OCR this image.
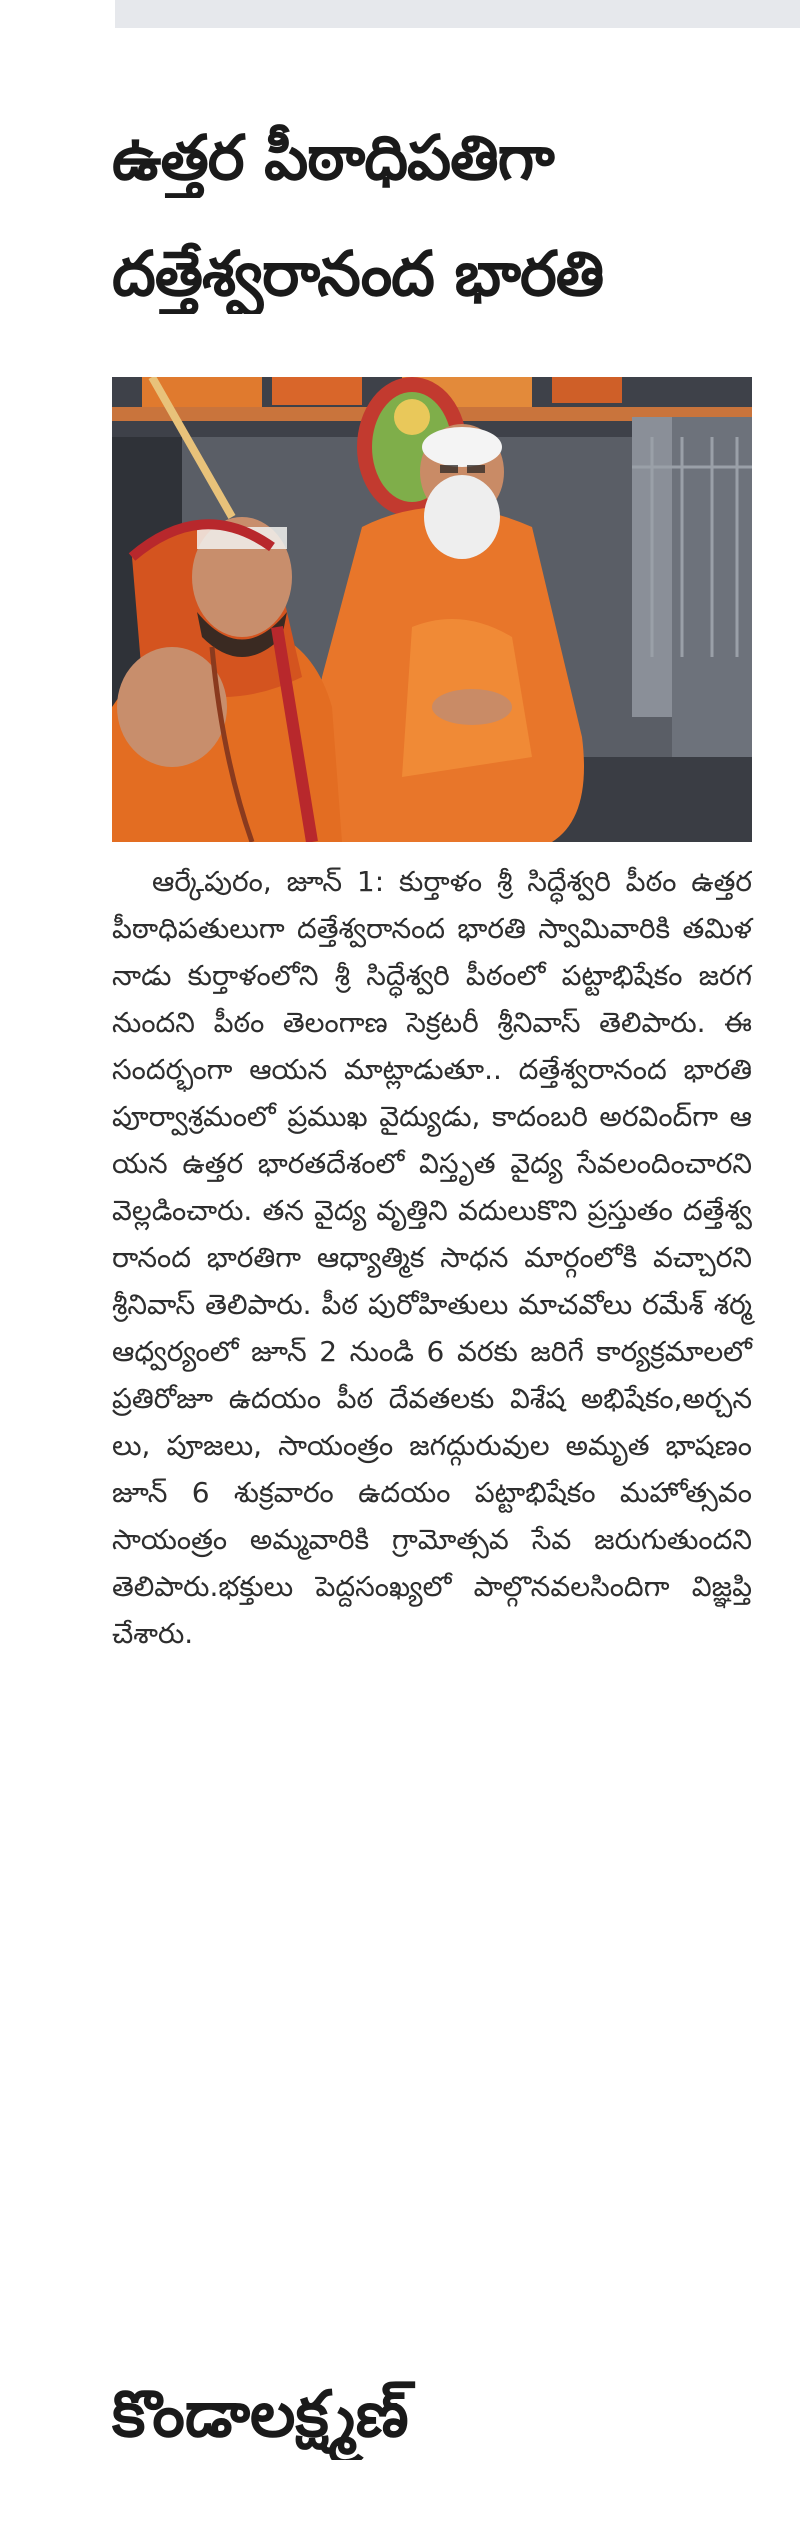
ఉత్తర పీఠాధిపతిగా
దత్తేశ్వరానంద భారతి

ఆర్కేపురం, జూన్ 1: కుర్తాళం శ్రీ సిద్ధేశ్వరి పీఠం ఉత్తర పీఠాధిపతులుగా దత్తేశ్వరానంద భారతి స్వామివారికి తమిళనాడు కుర్తాళంలోని శ్రీ సిద్ధేశ్వరి పీఠంలో పట్టాభిషేకం జరగనుందని పీఠం తెలంగాణ సెక్రటరీ శ్రీనివాస్ తెలిపారు. ఈ సందర్భంగా ఆయన మాట్లాడుతూ.. దత్తేశ్వరానంద భారతి పూర్వాశ్రమంలో ప్రముఖ వైద్యుడు, కాదంబరి అరవింద్‌గా ఆయన ఉత్తర భారతదేశంలో విస్తృత వైద్య సేవలందించారని వెల్లడించారు. తన వైద్య వృత్తిని వదులుకొని ప్రస్తుతం దత్తేశ్వరానంద భారతిగా ఆధ్యాత్మిక సాధన మార్గంలోకి వచ్చారని శ్రీనివాస్ తెలిపారు. పీఠ పురోహితులు మాచవోలు రమేశ్ శర్మ ఆధ్వర్యంలో జూన్ 2 నుండి 6 వరకు జరిగే కార్యక్రమాలలో ప్రతిరోజూ ఉదయం పీఠ దేవతలకు విశేష అభిషేకం,అర్చనలు, పూజలు, సాయంత్రం జగద్గురువుల అమృత భాషణం జూన్ 6 శుక్రవారం ఉదయం పట్టాభిషేకం మహోత్సవం సాయంత్రం అమ్మవారికి గ్రామోత్సవ సేవ జరుగుతుందని తెలిపారు.భక్తులు పెద్దసంఖ్యలో పాల్గొనవలసిందిగా విజ్ఞప్తి చేశారు.

కొండాలక్ష్మణ్
